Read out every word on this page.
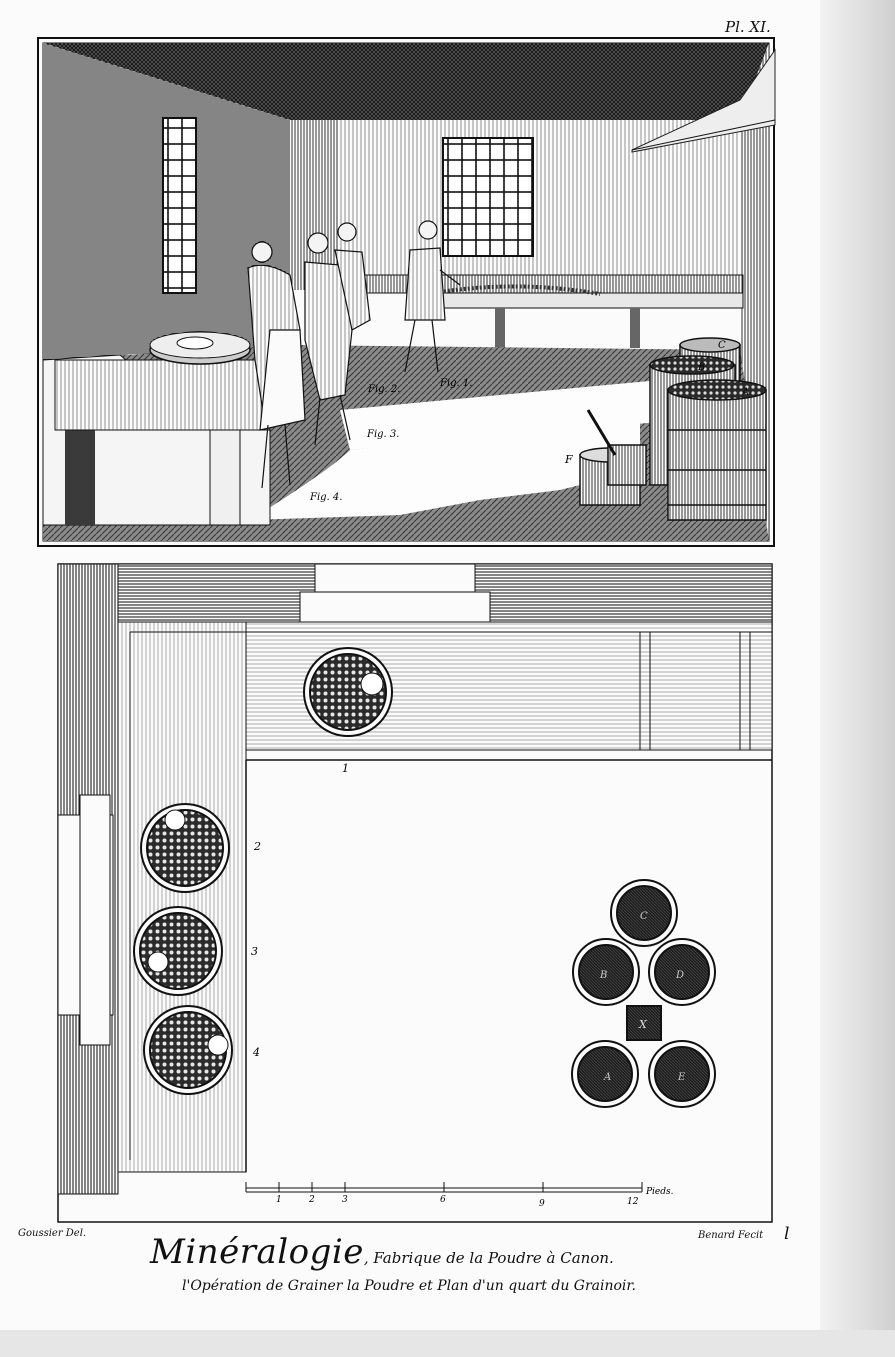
Pl. XI.
Fig. 1.
Fig. 2.
Fig. 3.
Fig. 4.
A
B
C
F
A
B
C
D
E
X
1
2
3
4
1	2	3	6	9	12
Pieds.
Goussier Del.	Benard Fecit l
Minéralogie, Fabrique de la Poudre à Canon.
l'Opération de Grainer la Poudre et Plan d'un quart du Grainoir.
